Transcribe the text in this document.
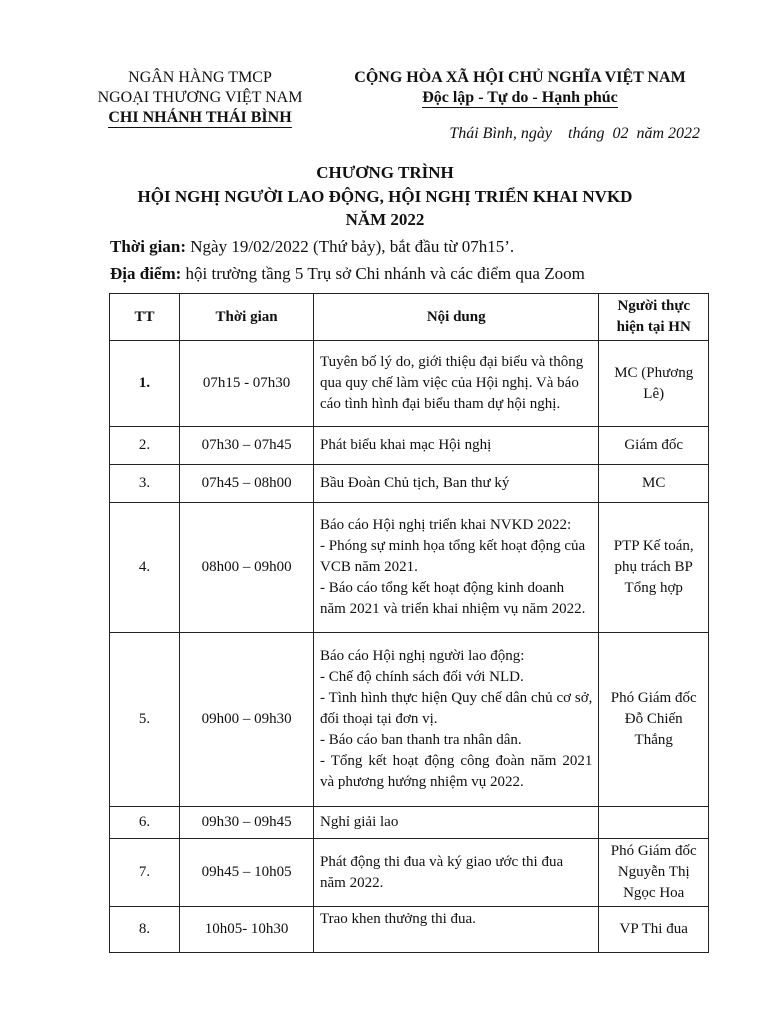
NGÂN HÀNG TMCP
NGOẠI THƯƠNG VIỆT NAM
CHI NHÁNH THÁI BÌNH
CỘNG HÒA XÃ HỘI CHỦ NGHĨA VIỆT NAM
Độc lập - Tự do - Hạnh phúc
Thái Bình, ngày    tháng  02  năm 2022
CHƯƠNG TRÌNH
HỘI NGHỊ NGƯỜI LAO ĐỘNG, HỘI NGHỊ TRIỂN KHAI NVKD
NĂM 2022
Thời gian: Ngày 19/02/2022 (Thứ bảy), bắt đầu từ 07h15’.
Địa điểm: hội trường tầng 5 Trụ sở Chi nhánh và các điểm qua Zoom
TT	Thời gian	Nội dung	Người thực hiện tại HN
1.	07h15 - 07h30	Tuyên bố lý do, giới thiệu đại biểu và thông qua quy chế làm việc của Hội nghị. Và báo cáo tình hình đại biểu tham dự hội nghị.	MC (Phương Lê)
2.	07h30 – 07h45	Phát biểu khai mạc Hội nghị	Giám đốc
3.	07h45 – 08h00	Bầu Đoàn Chủ tịch, Ban thư ký	MC
4.	08h00 – 09h00	Báo cáo Hội nghị triển khai NVKD 2022:
- Phóng sự minh họa tổng kết hoạt động của VCB năm 2021.
- Báo cáo tổng kết hoạt động kinh doanh năm 2021 và triển khai nhiệm vụ năm 2022.	PTP Kế toán, phụ trách BP Tổng hợp
5.	09h00 – 09h30	Báo cáo Hội nghị người lao động:
- Chế độ chính sách đối với NLD.
- Tình hình thực hiện Quy chế dân chủ cơ sở, đối thoại tại đơn vị.
- Báo cáo ban thanh tra nhân dân.
- Tổng kết hoạt động công đoàn năm 2021 và phương hướng nhiệm vụ 2022.	Phó Giám đốc Đỗ Chiến Thắng
6.	09h30 – 09h45	Nghỉ giải lao	

7.	09h45 – 10h05	Phát động thi đua và ký giao ước thi đua năm 2022.	Phó Giám đốc Nguyễn Thị Ngọc Hoa
8.	10h05- 10h30	Trao khen thưởng thi đua.	VP Thi đua
